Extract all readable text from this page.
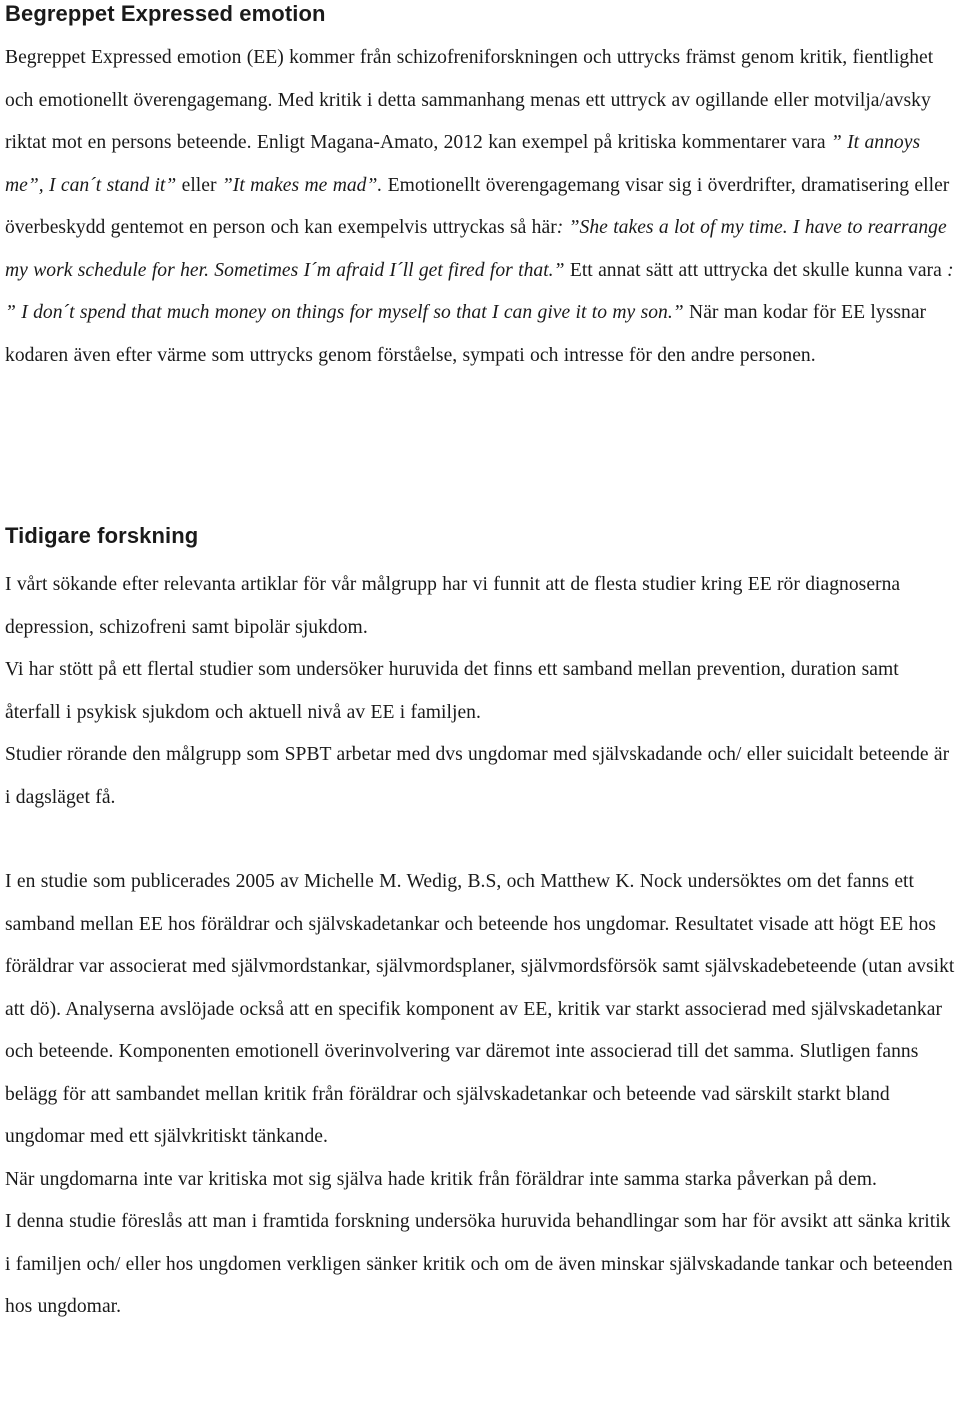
Begreppet Expressed emotion

Begreppet Expressed emotion (EE) kommer från schizofreniforskningen och uttrycks främst genom kritik, fientlighet och emotionellt överengagemang. Med kritik i detta sammanhang menas ett uttryck av ogillande eller motvilja/avsky riktat mot en persons beteende. Enligt Magana-Amato, 2012 kan exempel på kritiska kommentarer vara ” It annoys me”, I can´t stand it” eller ”It makes me mad”. Emotionellt överengagemang visar sig i överdrifter, dramatisering eller överbeskydd gentemot en person och kan exempelvis uttryckas så här: ”She takes a lot of my time. I have to rearrange my work schedule for her. Sometimes I´m afraid I´ll get fired for that.” Ett annat sätt att uttrycka det skulle kunna vara : ” I don´t spend that much money on things for myself so that I can give it to my son.” När man kodar för EE lyssnar kodaren även efter värme som uttrycks genom förståelse, sympati och intresse för den andre personen.

Tidigare forskning

I vårt sökande efter relevanta artiklar för vår målgrupp har vi funnit att de flesta studier kring EE rör diagnoserna depression, schizofreni samt bipolär sjukdom.
Vi har stött på ett flertal studier som undersöker huruvida det finns ett samband mellan prevention, duration samt återfall i psykisk sjukdom och aktuell nivå av EE i familjen.
Studier rörande den målgrupp som SPBT arbetar med dvs ungdomar med självskadande och/ eller suicidalt beteende är i dagsläget få.

I en studie som publicerades 2005 av Michelle M. Wedig, B.S, och Matthew K. Nock undersöktes om det fanns ett samband mellan EE hos föräldrar och självskadetankar och beteende hos ungdomar. Resultatet visade att högt EE hos föräldrar var associerat med självmordstankar, självmordsplaner, självmordsförsök samt självskadebeteende (utan avsikt att dö). Analyserna avslöjade också att en specifik komponent av EE, kritik var starkt associerad med självskadetankar och beteende. Komponenten emotionell överinvolvering var däremot inte associerad till det samma. Slutligen fanns belägg för att sambandet mellan kritik från föräldrar och självskadetankar och beteende vad särskilt starkt bland ungdomar med ett självkritiskt tänkande.
När ungdomarna inte var kritiska mot sig själva hade kritik från föräldrar inte samma starka påverkan på dem.
I denna studie föreslås att man i framtida forskning undersöka huruvida behandlingar som har för avsikt att sänka kritik i familjen och/ eller hos ungdomen verkligen sänker kritik och om de även minskar självskadande tankar och beteenden hos ungdomar.
